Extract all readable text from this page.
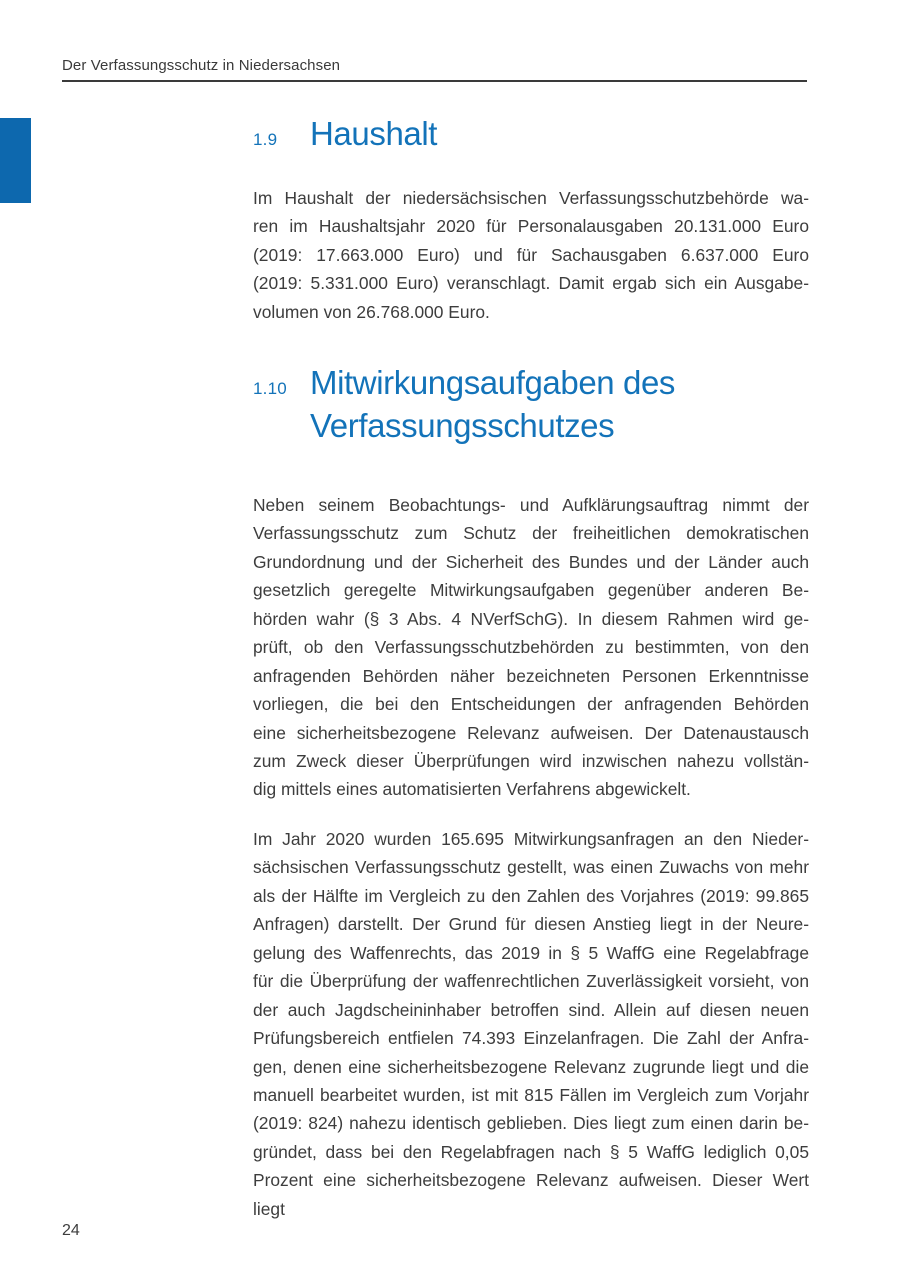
Der Verfassungsschutz in Niedersachsen
1.9 Haushalt
Im Haushalt der niedersächsischen Verfassungsschutzbehörde wa-
ren im Haushaltsjahr 2020 für Personalausgaben 20.131.000 Euro
(2019: 17.663.000 Euro) und für Sachausgaben 6.637.000 Euro
(2019: 5.331.000 Euro) veranschlagt. Damit ergab sich ein Ausgabe-
volumen von 26.768.000 Euro.
1.10 Mitwirkungsaufgaben des
Verfassungsschutzes
Neben seinem Beobachtungs- und Aufklärungsauftrag nimmt der
Verfassungsschutz zum Schutz der freiheitlichen demokratischen
Grundordnung und der Sicherheit des Bundes und der Länder auch
gesetzlich geregelte Mitwirkungsaufgaben gegenüber anderen Be-
hörden wahr (§ 3 Abs. 4 NVerfSchG). In diesem Rahmen wird ge-
prüft, ob den Verfassungsschutzbehörden zu bestimmten, von den
anfragenden Behörden näher bezeichneten Personen Erkenntnisse
vorliegen, die bei den Entscheidungen der anfragenden Behörden
eine sicherheitsbezogene Relevanz aufweisen. Der Datenaustausch
zum Zweck dieser Überprüfungen wird inzwischen nahezu vollstän-
dig mittels eines automatisierten Verfahrens abgewickelt.
Im Jahr 2020 wurden 165.695 Mitwirkungsanfragen an den Nieder-
sächsischen Verfassungsschutz gestellt, was einen Zuwachs von mehr
als der Hälfte im Vergleich zu den Zahlen des Vorjahres (2019: 99.865
Anfragen) darstellt. Der Grund für diesen Anstieg liegt in der Neure-
gelung des Waffenrechts, das 2019 in § 5 WaffG eine Regelabfrage
für die Überprüfung der waffenrechtlichen Zuverlässigkeit vorsieht, von
der auch Jagdscheininhaber betroffen sind. Allein auf diesen neuen
Prüfungsbereich entfielen 74.393 Einzelanfragen. Die Zahl der Anfra-
gen, denen eine sicherheitsbezogene Relevanz zugrunde liegt und die
manuell bearbeitet wurden, ist mit 815 Fällen im Vergleich zum Vorjahr
(2019: 824) nahezu identisch geblieben. Dies liegt zum einen darin be-
gründet, dass bei den Regelabfragen nach § 5 WaffG lediglich 0,05
Prozent eine sicherheitsbezogene Relevanz aufweisen. Dieser Wert liegt
24
